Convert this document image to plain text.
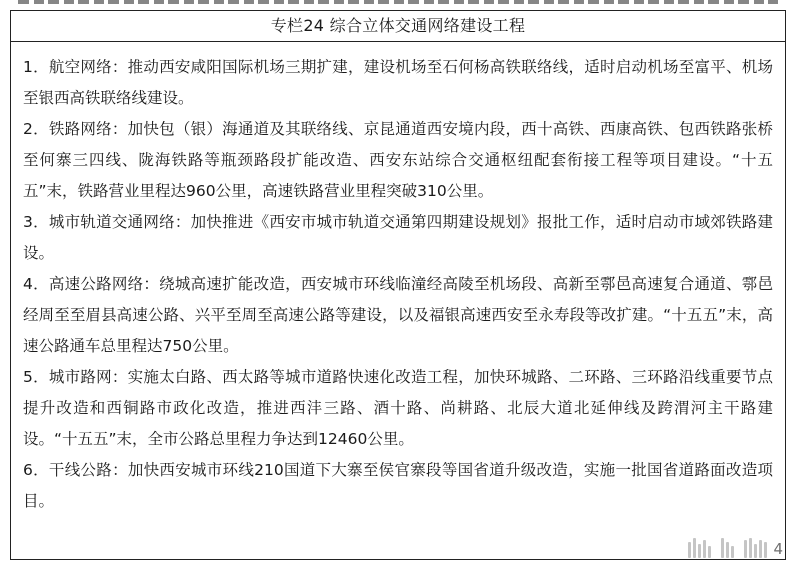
专栏24 综合立体交通网络建设工程

1．航空网络：推动西安咸阳国际机场三期扩建，建设机场至石何杨高铁联络线，适时启动机场至富平、机场至银西高铁联络线建设。

2．铁路网络：加快包（银）海通道及其联络线、京昆通道西安境内段，西十高铁、西康高铁、包西铁路张桥至何寨三四线、陇海铁路等瓶颈路段扩能改造、西安东站综合交通枢纽配套衔接工程等项目建设。“十五五”末，铁路营业里程达960公里，高速铁路营业里程突破310公里。

3．城市轨道交通网络：加快推进《西安市城市轨道交通第四期建设规划》报批工作，适时启动市域郊铁路建设。

4．高速公路网络：绕城高速扩能改造，西安城市环线临潼经高陵至机场段、高新至鄠邑高速复合通道、鄠邑经周至至眉县高速公路、兴平至周至高速公路等建设，以及福银高速西安至永寿段等改扩建。“十五五”末，高速公路通车总里程达750公里。

5．城市路网：实施太白路、西太路等城市道路快速化改造工程，加快环城路、二环路、三环路沿线重要节点提升改造和西铜路市政化改造，推进西沣三路、酒十路、尚耕路、北辰大道北延伸线及跨渭河主干路建设。“十五五”末，全市公路总里程力争达到12460公里。

6．干线公路：加快西安城市环线210国道下大寨至侯官寨段等国省道升级改造，实施一批国省道路面改造项目。

4
